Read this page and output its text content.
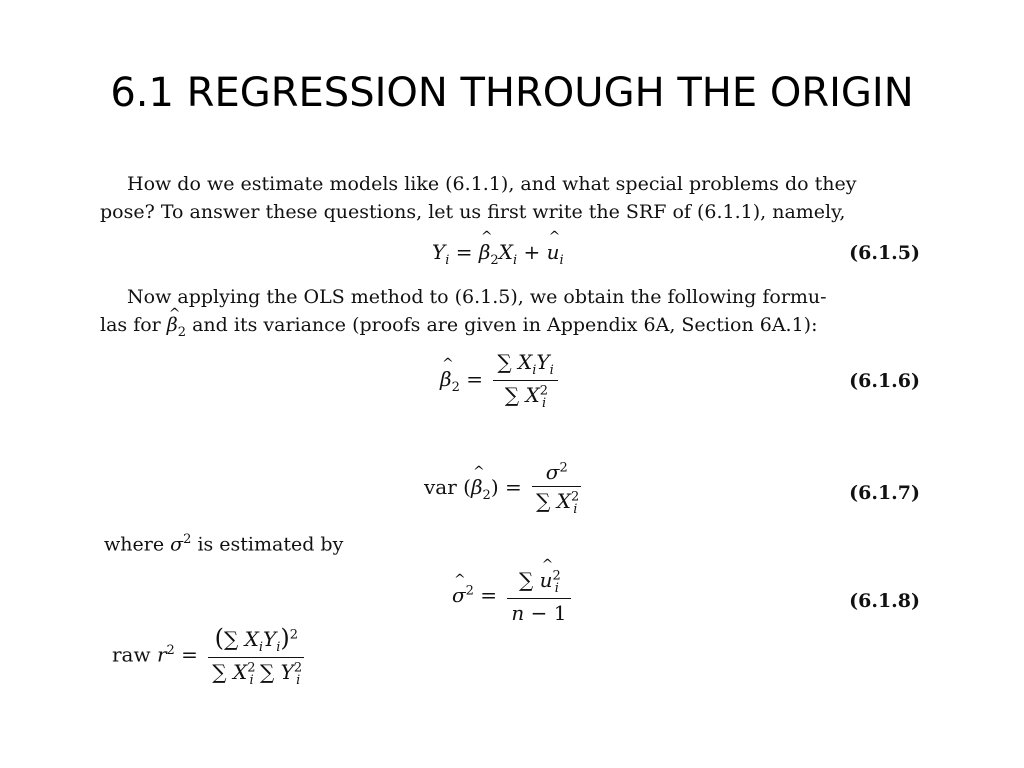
6.1 REGRESSION THROUGH THE ORIGIN
How do we estimate models like (6.1.1), and what special problems do they
pose? To answer these questions, let us first write the SRF of (6.1.1), namely,
$Y_i$ = ^ $\beta_2X_i$ + ^ $u_i$	(6.1.5)
Now applying the OLS method to (6.1.5), we obtain the following formu-
las for ^ $\beta_2$ and its variance (proofs are given in Appendix 6A, Section 6A.1):
^ $\beta_2 = \frac{\sum X_iY_i}{\sum X^2_i}$	(6.1.6)
var (^ $\beta_2) = \frac{\sigma^2}{\sum X^2_i}$	(6.1.7)
where $\sigma^2$ is estimated by
^ $\sigma^2 = \frac{\sum \^{} u^2_i}{n - 1}$	(6.1.8)
raw $r^2 = \frac{(\sum X_iY_i)^2}{\sum X^2_i \sum Y^2_i}$
